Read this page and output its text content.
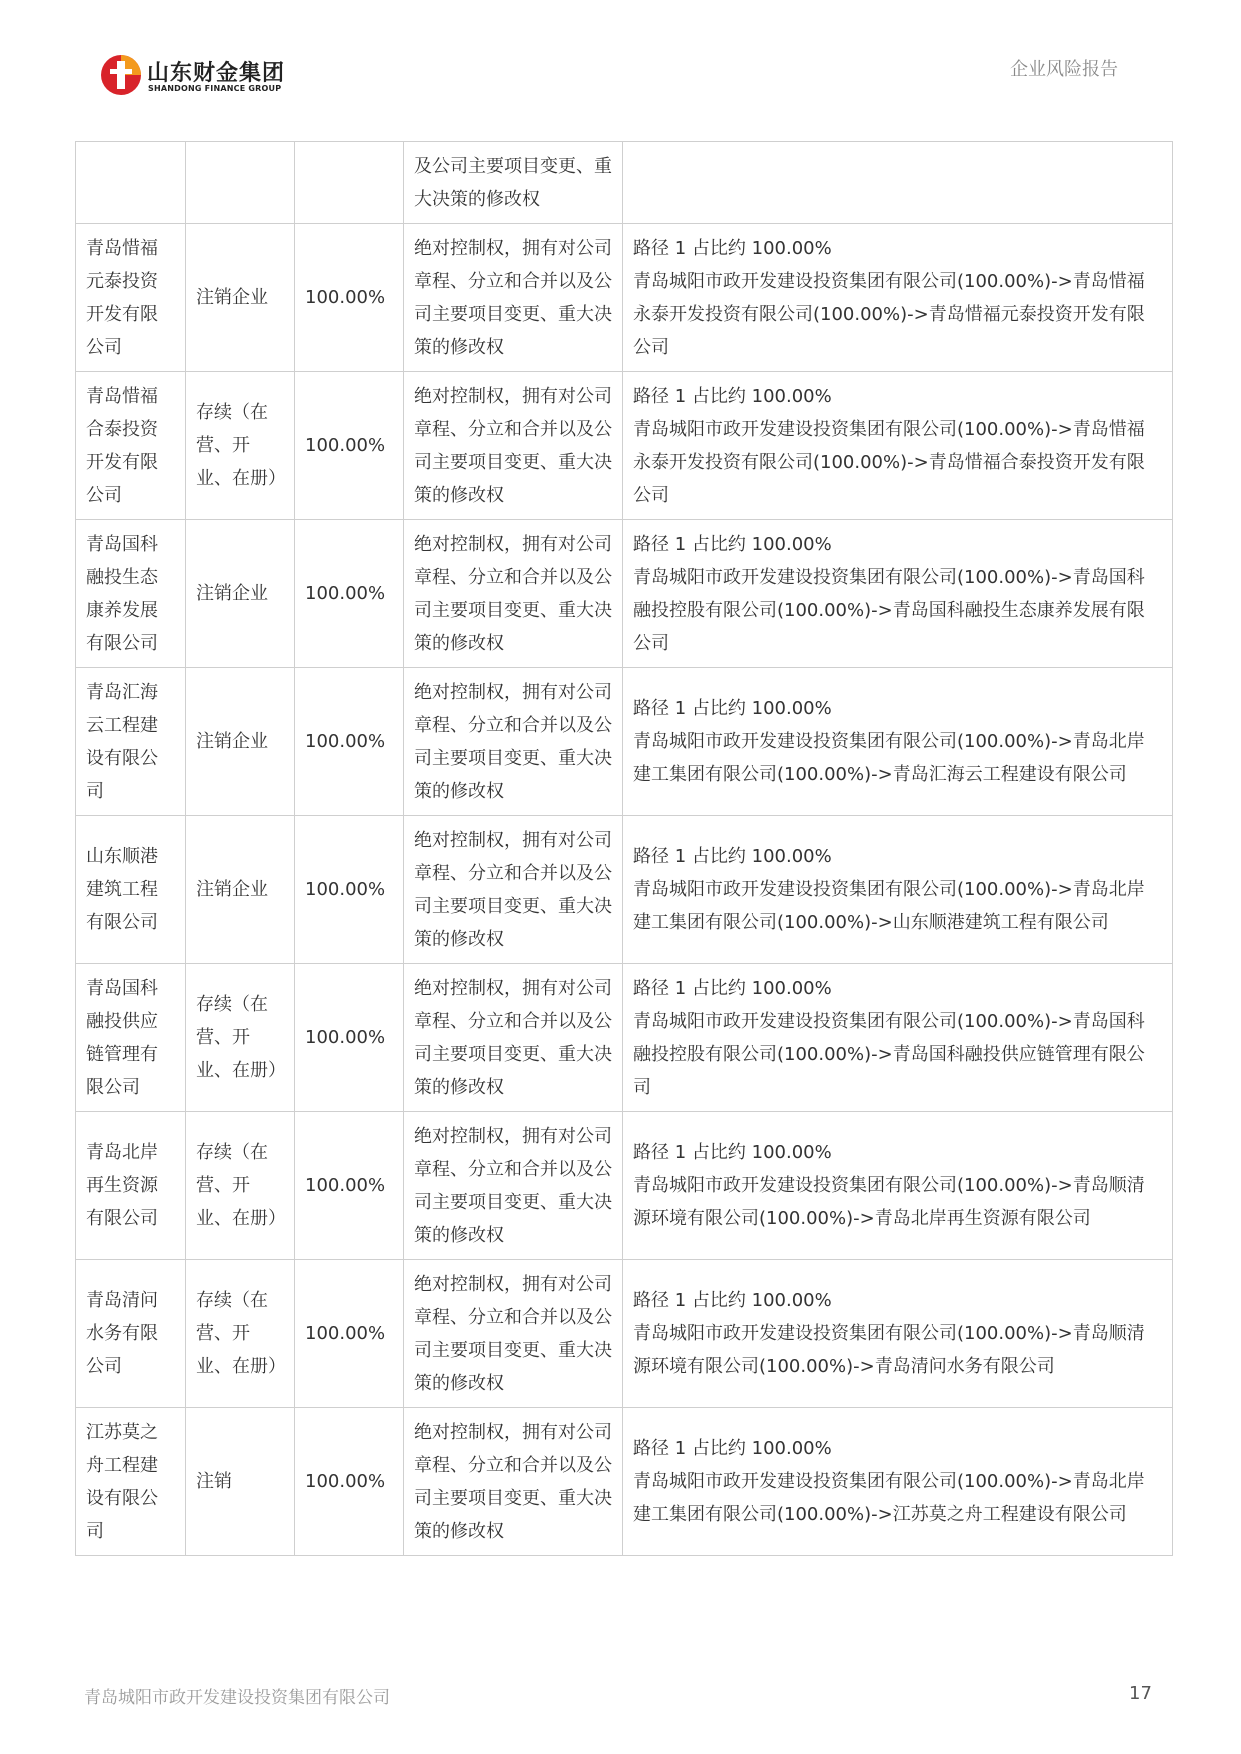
山东财金集团
SHANDONG FINANCE GROUP
企业风险报告
			及公司主要项目变更、重大决策的修改权	

青岛惜福元泰投资开发有限公司	注销企业	100.00%	绝对控制权，拥有对公司章程、分立和合并以及公司主要项目变更、重大决策的修改权	路径 1 占比约 100.00%
青岛城阳市政开发建设投资集团有限公司(100.00%)->青岛惜福永泰开发投资有限公司(100.00%)->青岛惜福元泰投资开发有限公司

青岛惜福合泰投资开发有限公司	存续（在营、开业、在册）	100.00%	绝对控制权，拥有对公司章程、分立和合并以及公司主要项目变更、重大决策的修改权	路径 1 占比约 100.00%
青岛城阳市政开发建设投资集团有限公司(100.00%)->青岛惜福永泰开发投资有限公司(100.00%)->青岛惜福合泰投资开发有限公司

青岛国科融投生态康养发展有限公司	注销企业	100.00%	绝对控制权，拥有对公司章程、分立和合并以及公司主要项目变更、重大决策的修改权	路径 1 占比约 100.00%
青岛城阳市政开发建设投资集团有限公司(100.00%)->青岛国科融投控股有限公司(100.00%)->青岛国科融投生态康养发展有限公司

青岛汇海云工程建设有限公司	注销企业	100.00%	绝对控制权，拥有对公司章程、分立和合并以及公司主要项目变更、重大决策的修改权	路径 1 占比约 100.00%
青岛城阳市政开发建设投资集团有限公司(100.00%)->青岛北岸建工集团有限公司(100.00%)->青岛汇海云工程建设有限公司

山东顺港建筑工程有限公司	注销企业	100.00%	绝对控制权，拥有对公司章程、分立和合并以及公司主要项目变更、重大决策的修改权	路径 1 占比约 100.00%
青岛城阳市政开发建设投资集团有限公司(100.00%)->青岛北岸建工集团有限公司(100.00%)->山东顺港建筑工程有限公司

青岛国科融投供应链管理有限公司	存续（在营、开业、在册）	100.00%	绝对控制权，拥有对公司章程、分立和合并以及公司主要项目变更、重大决策的修改权	路径 1 占比约 100.00%
青岛城阳市政开发建设投资集团有限公司(100.00%)->青岛国科融投控股有限公司(100.00%)->青岛国科融投供应链管理有限公司

青岛北岸再生资源有限公司	存续（在营、开业、在册）	100.00%	绝对控制权，拥有对公司章程、分立和合并以及公司主要项目变更、重大决策的修改权	路径 1 占比约 100.00%
青岛城阳市政开发建设投资集团有限公司(100.00%)->青岛顺清源环境有限公司(100.00%)->青岛北岸再生资源有限公司

青岛清问水务有限公司	存续（在营、开业、在册）	100.00%	绝对控制权，拥有对公司章程、分立和合并以及公司主要项目变更、重大决策的修改权	路径 1 占比约 100.00%
青岛城阳市政开发建设投资集团有限公司(100.00%)->青岛顺清源环境有限公司(100.00%)->青岛清问水务有限公司

江苏莫之舟工程建设有限公司	注销	100.00%	绝对控制权，拥有对公司章程、分立和合并以及公司主要项目变更、重大决策的修改权	路径 1 占比约 100.00%
青岛城阳市政开发建设投资集团有限公司(100.00%)->青岛北岸建工集团有限公司(100.00%)->江苏莫之舟工程建设有限公司
青岛城阳市政开发建设投资集团有限公司	17
